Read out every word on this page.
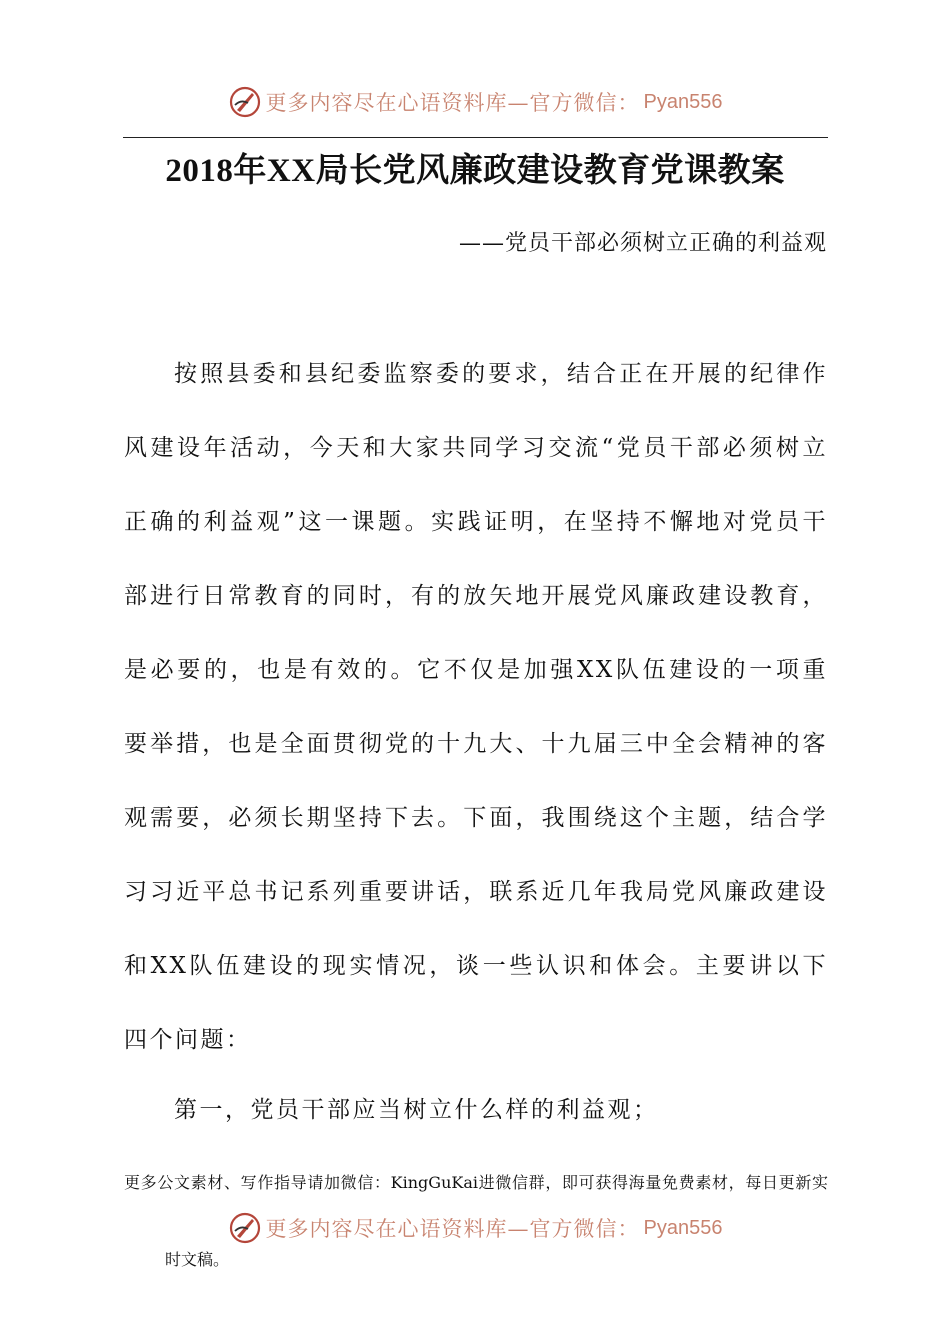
更多内容尽在心语资料库—官方微信： Pyan556
2018年XX局长党风廉政建设教育党课教案
——党员干部必须树立正确的利益观
按照县委和县纪委监察委的要求，结合正在开展的纪律作
风建设年活动，今天和大家共同学习交流“党员干部必须树立
正确的利益观”这一课题。实践证明，在坚持不懈地对党员干
部进行日常教育的同时，有的放矢地开展党风廉政建设教育，
是必要的，也是有效的。它不仅是加强XX队伍建设的一项重
要举措，也是全面贯彻党的十九大、十九届三中全会精神的客
观需要，必须长期坚持下去。下面，我围绕这个主题，结合学
习习近平总书记系列重要讲话，联系近几年我局党风廉政建设
和XX队伍建设的现实情况，谈一些认识和体会。主要讲以下
四个问题：
第一，党员干部应当树立什么样的利益观；
更多公文素材、写作指导请加微信：KingGuKai进微信群，即可获得海量免费素材，每日更新实
更多内容尽在心语资料库—官方微信： Pyan556
时文稿。
